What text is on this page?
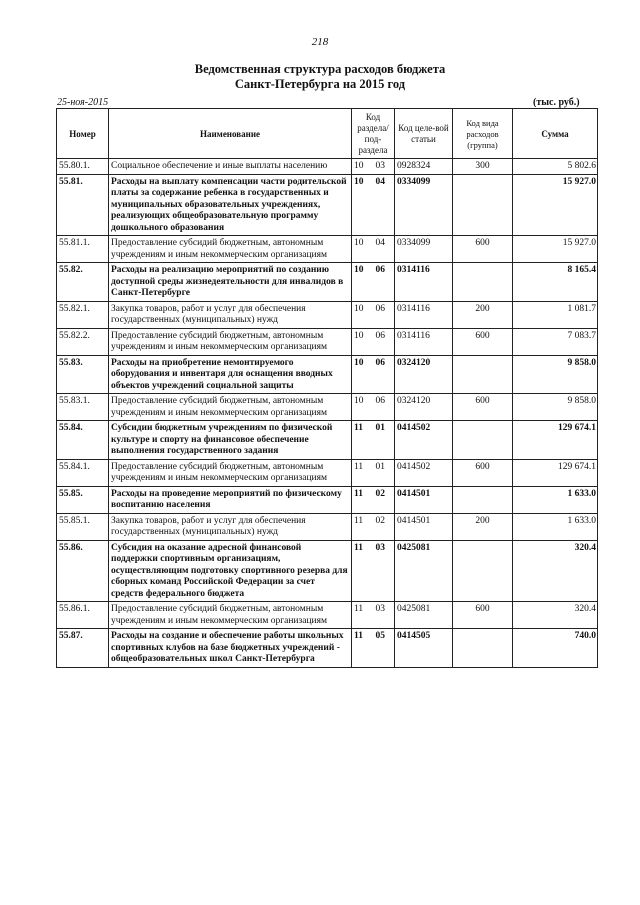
218
Ведомственная структура расходов бюджета
Санкт-Петербурга на 2015 год
25-ноя-2015	(тыс. руб.)
Номер	Наименование	Код раздела/ под-раздела		Код целе-вой статьи	Код вида расходов (группа)	Сумма
55.80.1.	Социальное обеспечение и иные выплаты населению	10	03	0928324	300	5 802.6
55.81.	Расходы на выплату компенсации части родительской платы за содержание ребенка в государственных и муниципальных образовательных учреждениях, реализующих общеобразовательную программу дошкольного образования	10	04	0334099		15 927.0
55.81.1.	Предоставление субсидий бюджетным, автономным учреждениям и иным некоммерческим организациям	10	04	0334099	600	15 927.0
55.82.	Расходы на реализацию мероприятий по созданию доступной среды жизнедеятельности для инвалидов в Санкт-Петербурге	10	06	0314116		8 165.4
55.82.1.	Закупка товаров, работ и услуг для обеспечения государственных (муниципальных) нужд	10	06	0314116	200	1 081.7
55.82.2.	Предоставление субсидий бюджетным, автономным учреждениям и иным некоммерческим организациям	10	06	0314116	600	7 083.7
55.83.	Расходы на приобретение немонтируемого оборудования и инвентаря для оснащения вводных объектов учреждений социальной защиты	10	06	0324120		9 858.0
55.83.1.	Предоставление субсидий бюджетным, автономным учреждениям и иным некоммерческим организациям	10	06	0324120	600	9 858.0
55.84.	Субсидии бюджетным учреждениям по физической культуре и спорту на финансовое обеспечение выполнения государственного задания	11	01	0414502		129 674.1
55.84.1.	Предоставление субсидий бюджетным, автономным учреждениям и иным некоммерческим организациям	11	01	0414502	600	129 674.1
55.85.	Расходы на проведение мероприятий по физическому воспитанию населения	11	02	0414501		1 633.0
55.85.1.	Закупка товаров, работ и услуг для обеспечения государственных (муниципальных) нужд	11	02	0414501	200	1 633.0
55.86.	Субсидия на оказание адресной финансовой поддержки спортивным организациям, осуществляющим подготовку спортивного резерва для сборных команд Российской Федерации за счет средств федерального бюджета	11	03	0425081		320.4
55.86.1.	Предоставление субсидий бюджетным, автономным учреждениям и иным некоммерческим организациям	11	03	0425081	600	320.4
55.87.	Расходы на создание и обеспечение работы школьных спортивных клубов на базе бюджетных учреждений - общеобразовательных школ Санкт-Петербурга	11	05	0414505		740.0
